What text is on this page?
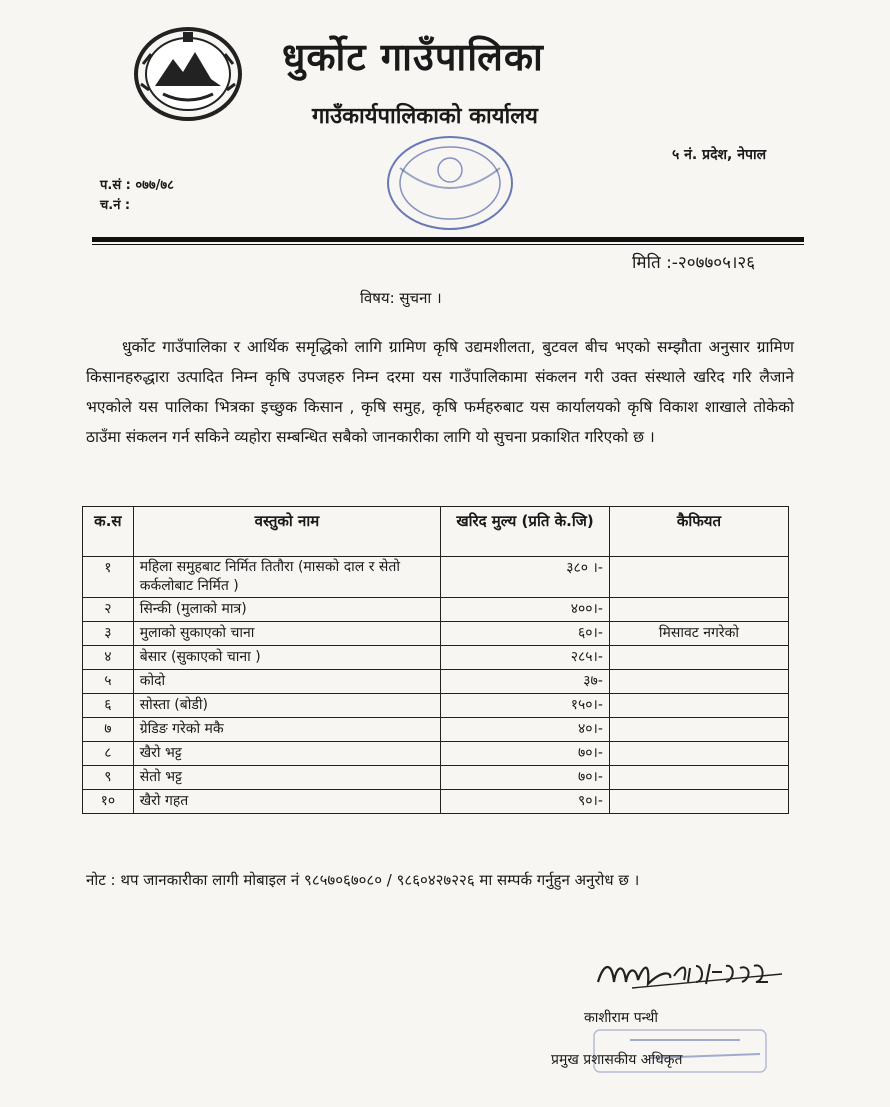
धुर्कोट गाउँपालिका
गाउँकार्यपालिकाको कार्यालय
५ नं. प्रदेश, नेपाल
प.सं : ०७७/७८
च.नं :
मिति :-२०७७०५।२६
विषय: सुचना ।
धुर्कोट गाउँपालिका र आर्थिक समृद्धिको लागि ग्रामिण कृषि उद्यमशीलता, बुटवल बीच भएको सम्झौता अनुसार ग्रामिण किसानहरुद्धारा उत्पादित निम्न कृषि उपजहरु निम्न दरमा यस गाउँपालिकामा संकलन गरी उक्त संस्थाले खरिद गरि लैजाने भएकोले यस पालिका भित्रका इच्छुक किसान , कृषि समुह, कृषि फर्महरुबाट यस कार्यालयको कृषि विकाश शाखाले तोकेको ठाउँमा संकलन गर्न सकिने व्यहोरा सम्बन्धित सबैको जानकारीका लागि यो सुचना प्रकाशित गरिएको छ ।
क.स	वस्तुको नाम	खरिद मुल्य (प्रति के.जि)	कैफियत
१	महिला समुहबाट निर्मित तितौरा (मासको दाल र सेतो कर्कलोबाट निर्मित )	३८० ।-	
२	सिन्की (मुलाको मात्र)	४००।-	
३	मुलाको सुकाएको चाना	६०।-	मिसावट नगरेको
४	बेसार (सुकाएको चाना )	२८५।-	
५	कोदो	३७-	
६	सोस्ता (बोडी)	१५०।-	
७	ग्रेडिङ गरेको मकै	४०।-	
८	खैरो भट्ट	७०।-	
९	सेतो भट्ट	७०।-	
१०	खैरो गहत	९०।-	
नोट : थप जानकारीका लागी मोबाइल नं ९८५७०६७०८० / ९८६०४२७२२६ मा सम्पर्क गर्नुहुन अनुरोध छ ।
काशीराम पन्थी
प्रमुख प्रशासकीय अधिकृत
